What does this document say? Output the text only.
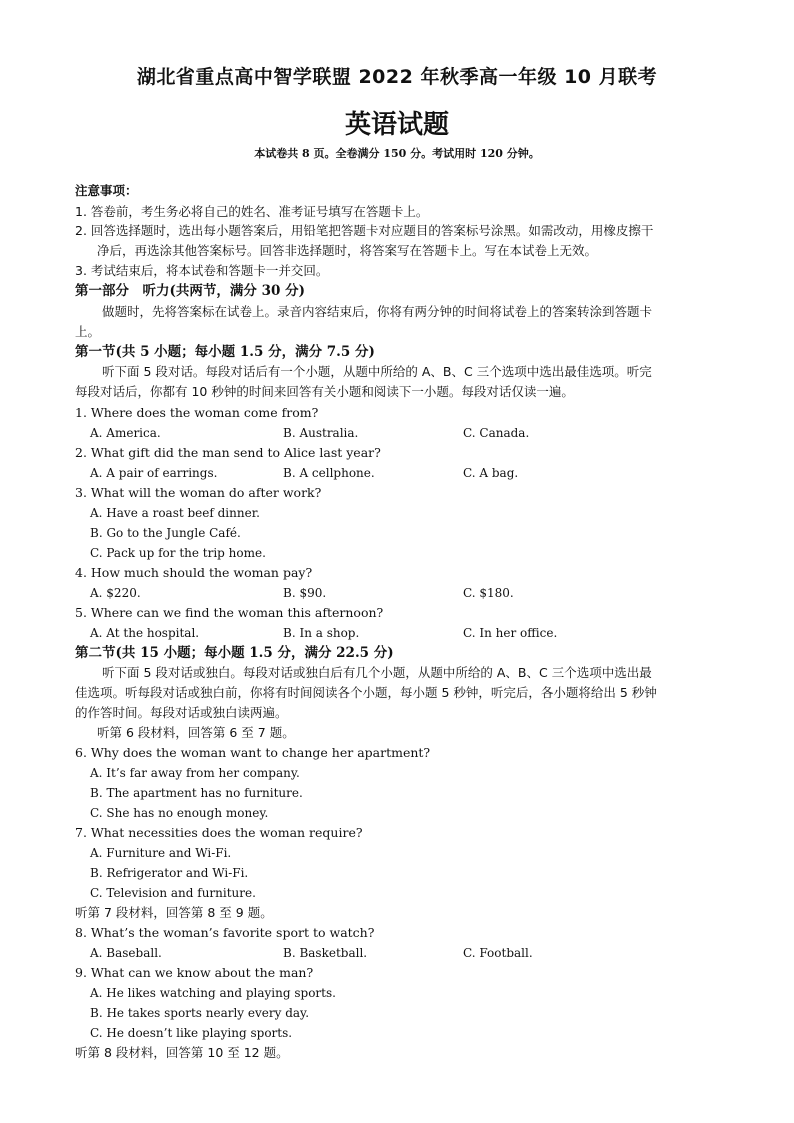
湖北省重点高中智学联盟 2022 年秋季高一年级 10 月联考
英语试题
本试卷共 8 页。全卷满分 150 分。考试用时 120 分钟。
注意事项：
1. 答卷前，考生务必将自己的姓名、准考证号填写在答题卡上。
2. 回答选择题时，选出每小题答案后，用铅笔把答题卡对应题目的答案标号涂黑。如需改动，用橡皮擦干
净后，再选涂其他答案标号。回答非选择题时，将答案写在答题卡上。写在本试卷上无效。
3. 考试结束后，将本试卷和答题卡一并交回。
第一部分　听力(共两节，满分 30 分)
做题时，先将答案标在试卷上。录音内容结束后，你将有两分钟的时间将试卷上的答案转涂到答题卡
上。
第一节(共 5 小题；每小题 1.5 分，满分 7.5 分)
听下面 5 段对话。每段对话后有一个小题，从题中所给的 A、B、C 三个选项中选出最佳选项。听完
每段对话后，你都有 10 秒钟的时间来回答有关小题和阅读下一小题。每段对话仅读一遍。
1. Where does the woman come from?
A. America.	B. Australia.	C. Canada.
2. What gift did the man send to Alice last year?
A. A pair of earrings.	B. A cellphone.	C. A bag.
3. What will the woman do after work?
A. Have a roast beef dinner.
B. Go to the Jungle Café.
C. Pack up for the trip home.
4. How much should the woman pay?
A. $220.	B. $90.	C. $180.
5. Where can we find the woman this afternoon?
A. At the hospital.	B. In a shop.	C. In her office.
第二节(共 15 小题；每小题 1.5 分，满分 22.5 分)
听下面 5 段对话或独白。每段对话或独白后有几个小题，从题中所给的 A、B、C 三个选项中选出最
佳选项。听每段对话或独白前，你将有时间阅读各个小题，每小题 5 秒钟，听完后，各小题将给出 5 秒钟
的作答时间。每段对话或独白读两遍。
听第 6 段材料，回答第 6 至 7 题。
6. Why does the woman want to change her apartment?
A. It’s far away from her company.
B. The apartment has no furniture.
C. She has no enough money.
7. What necessities does the woman require?
A. Furniture and Wi-Fi.
B. Refrigerator and Wi-Fi.
C. Television and furniture.
听第 7 段材料，回答第 8 至 9 题。
8. What’s the woman’s favorite sport to watch?
A. Baseball.	B. Basketball.	C. Football.
9. What can we know about the man?
A. He likes watching and playing sports.
B. He takes sports nearly every day.
C. He doesn’t like playing sports.
听第 8 段材料，回答第 10 至 12 题。
